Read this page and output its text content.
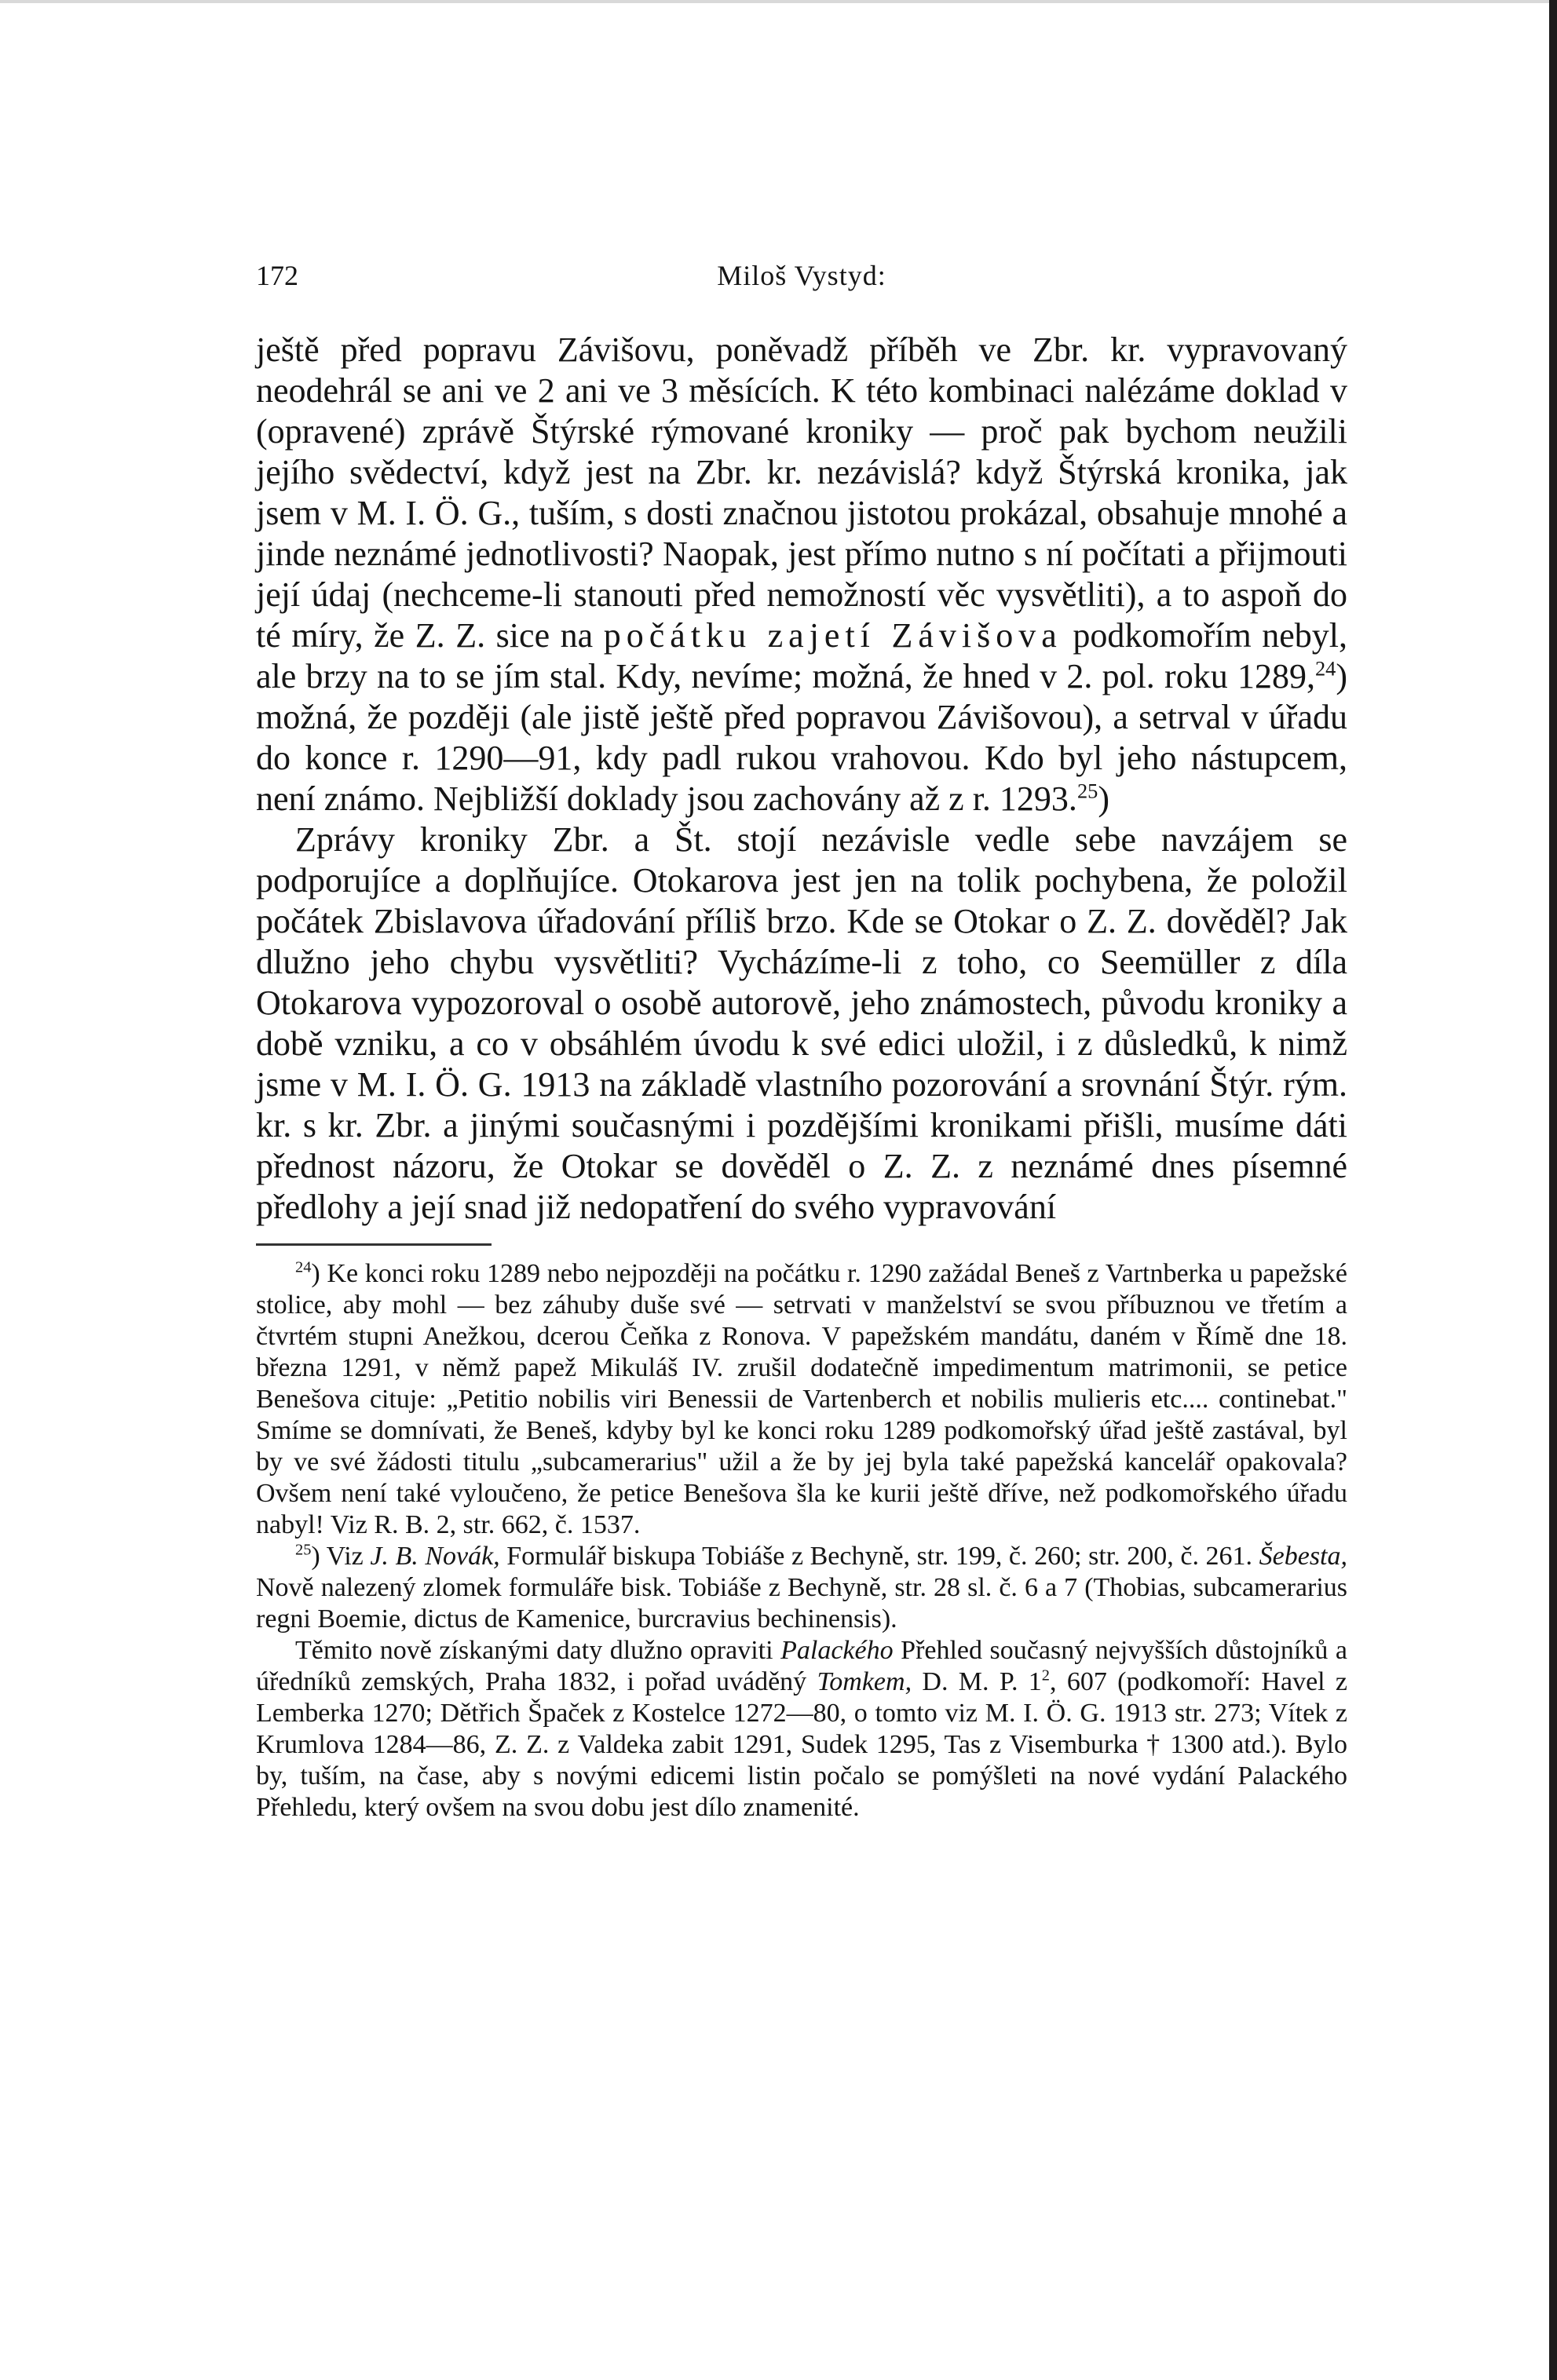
172	Miloš Vystyd:

ještě před popravu Závišovu, poněvadž příběh ve Zbr. kr. vypravovaný neodehrál se ani ve 2 ani ve 3 měsících. K této kombinaci nalézáme doklad v (opravené) zprávě Štýrské rýmované kroniky — proč pak bychom neužili jejího svědectví, když jest na Zbr. kr. nezávislá? když Štýrská kronika, jak jsem v M. I. Ö. G., tuším, s dosti značnou jistotou prokázal, obsahuje mnohé a jinde neznámé jednotlivosti? Naopak, jest přímo nutno s ní počítati a přijmouti její údaj (nechceme-li stanouti před nemožností věc vysvětliti), a to aspoň do té míry, že Z. Z. sice na počátku zajetí Závišova podkomořím nebyl, ale brzy na to se jím stal. Kdy, nevíme; možná, že hned v 2. pol. roku 1289,24) možná, že později (ale jistě ještě před popravou Závišovou), a setrval v úřadu do konce r. 1290—91, kdy padl rukou vrahovou. Kdo byl jeho nástupcem, není známo. Nejbližší doklady jsou zachovány až z r. 1293.25)

Zprávy kroniky Zbr. a Št. stojí nezávisle vedle sebe navzájem se podporujíce a doplňujíce. Otokarova jest jen na tolik pochybena, že položil počátek Zbislavova úřadování příliš brzo. Kde se Otokar o Z. Z. dověděl? Jak dlužno jeho chybu vysvětliti? Vycházíme-li z toho, co Seemüller z díla Otokarova vypozoroval o osobě autorově, jeho známostech, původu kroniky a době vzniku, a co v obsáhlém úvodu k své edici uložil, i z důsledků, k nimž jsme v M. I. Ö. G. 1913 na základě vlastního pozorování a srovnání Štýr. rým. kr. s kr. Zbr. a jinými současnými i pozdějšími kronikami přišli, musíme dáti přednost názoru, že Otokar se dověděl o Z. Z. z neznámé dnes písemné předlohy a její snad již nedopatření do svého vypravování

$^{24}$) Ke konci roku 1289 nebo nejpozději na počátku r. 1290 zažádal Beneš z Vartnberka u papežské stolice, aby mohl — bez záhuby duše své — setrvati v manželství se svou příbuznou ve třetím a čtvrtém stupni Anežkou, dcerou Čeňka z Ronova. V papežském mandátu, daném v Římě dne 18. března 1291, v němž papež Mikuláš IV. zrušil dodatečně impedimentum matrimonii, se petice Benešova cituje: „Petitio nobilis viri Benessii de Vartenberch et nobilis mulieris etc.... continebat." Smíme se domnívati, že Beneš, kdyby byl ke konci roku 1289 podkomořský úřad ještě zastával, byl by ve své žádosti titulu „subcamerarius" užil a že by jej byla také papežská kancelář opakovala? Ovšem není také vyloučeno, že petice Benešova šla ke kurii ještě dříve, než podkomořského úřadu nabyl! Viz R. B. 2, str. 662, č. 1537.

$^{25}$) Viz J. B. Novák, Formulář biskupa Tobiáše z Bechyně, str. 199, č. 260; str. 200, č. 261. Šebesta, Nově nalezený zlomek formuláře bisk. Tobiáše z Bechyně, str. 28 sl. č. 6 a 7 (Thobias, subcamerarius regni Boemie, dictus de Kamenice, burcravius bechinensis).

Těmito nově získanými daty dlužno opraviti Palackého Přehled současný nejvyšších důstojníků a úředníků zemských, Praha 1832, i pořad uváděný Tomkem, D. M. P. $1^2$, 607 (podkomoří: Havel z Lemberka 1270; Dětřich Špaček z Kostelce 1272—80, o tomto viz M. I. Ö. G. 1913 str. 273; Vítek z Krumlova 1284—86, Z. Z. z Valdeka zabit 1291, Sudek 1295, Tas z Visemburka † 1300 atd.). Bylo by, tuším, na čase, aby s novými edicemi listin počalo se pomýšleti na nové vydání Palackého Přehledu, který ovšem na svou dobu jest dílo znamenité.
